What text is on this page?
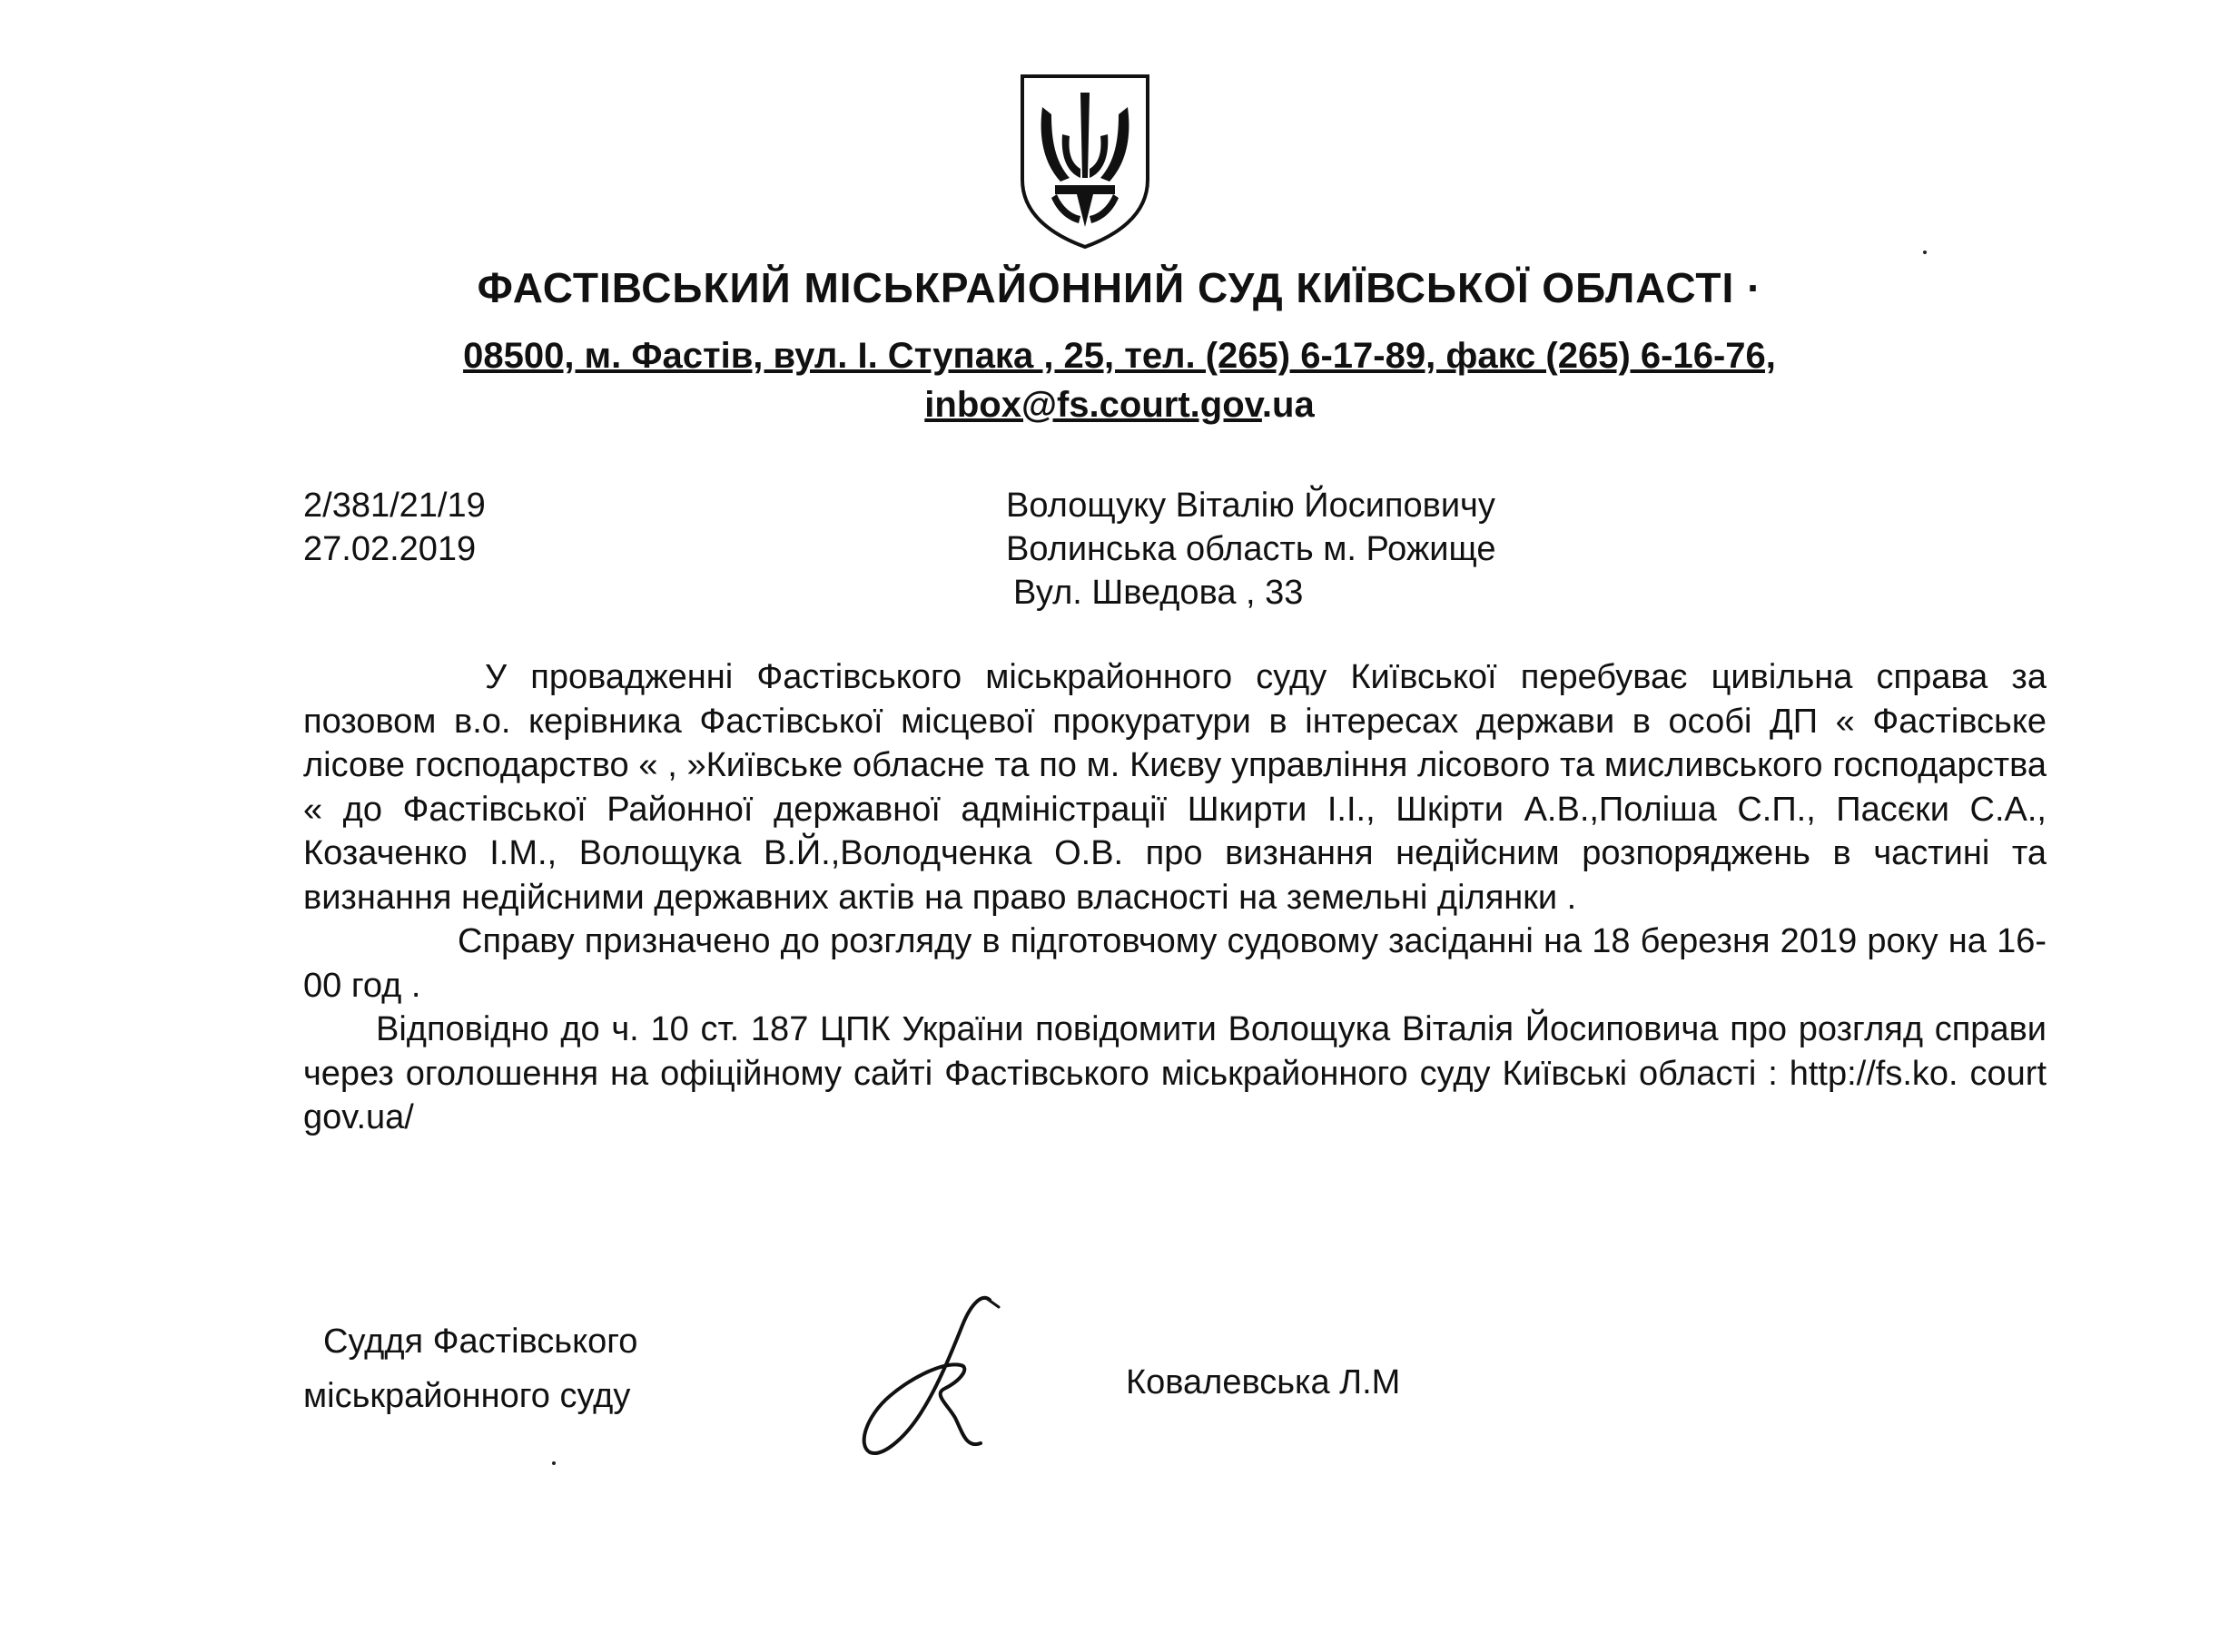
ФАСТІВСЬКИЙ МІСЬКРАЙОННИЙ СУД КИЇВСЬКОЇ ОБЛАСТІ ·
08500, м. Фастів, вул. І. Ступака , 25, тел. (265) 6-17-89, факс (265) 6-16-76,
inbox@fs.court.gov.ua
2/381/21/19
27.02.2019
Волощуку Віталію Йосиповичу
Волинська область м. Рожище
Вул. Шведова , 33

У провадженні Фастівського міськрайонного суду Київської перебуває цивільна справа за позовом в.о. керівника Фастівської місцевої прокуратури в інтересах держави в особі ДП « Фастівське лісове господарство « , »Київське обласне та по м. Києву управління лісового та мисливського господарства « до Фастівської Районної державної адміністрації Шкирти І.І., Шкірти А.В.,Поліша С.П., Пасєки С.А., Козаченко І.М., Волощука В.Й.,Володченка О.В. про визнання недійсним розпоряджень в частині та визнання недійсними державних актів на право власності на земельні ділянки .

Справу призначено до розгляду в підготовчому судовому засіданні на 18 березня 2019 року на 16-00 год .

Відповідно до ч. 10 ст. 187 ЦПК України повідомити Волощука Віталія Йосиповича про розгляд справи через оголошення на офіційному сайті Фастівського міськрайонного суду Київські області : http://fs.ko. court gov.ua/

Суддя Фастівського
міськрайонного суду	Ковалевська Л.М
